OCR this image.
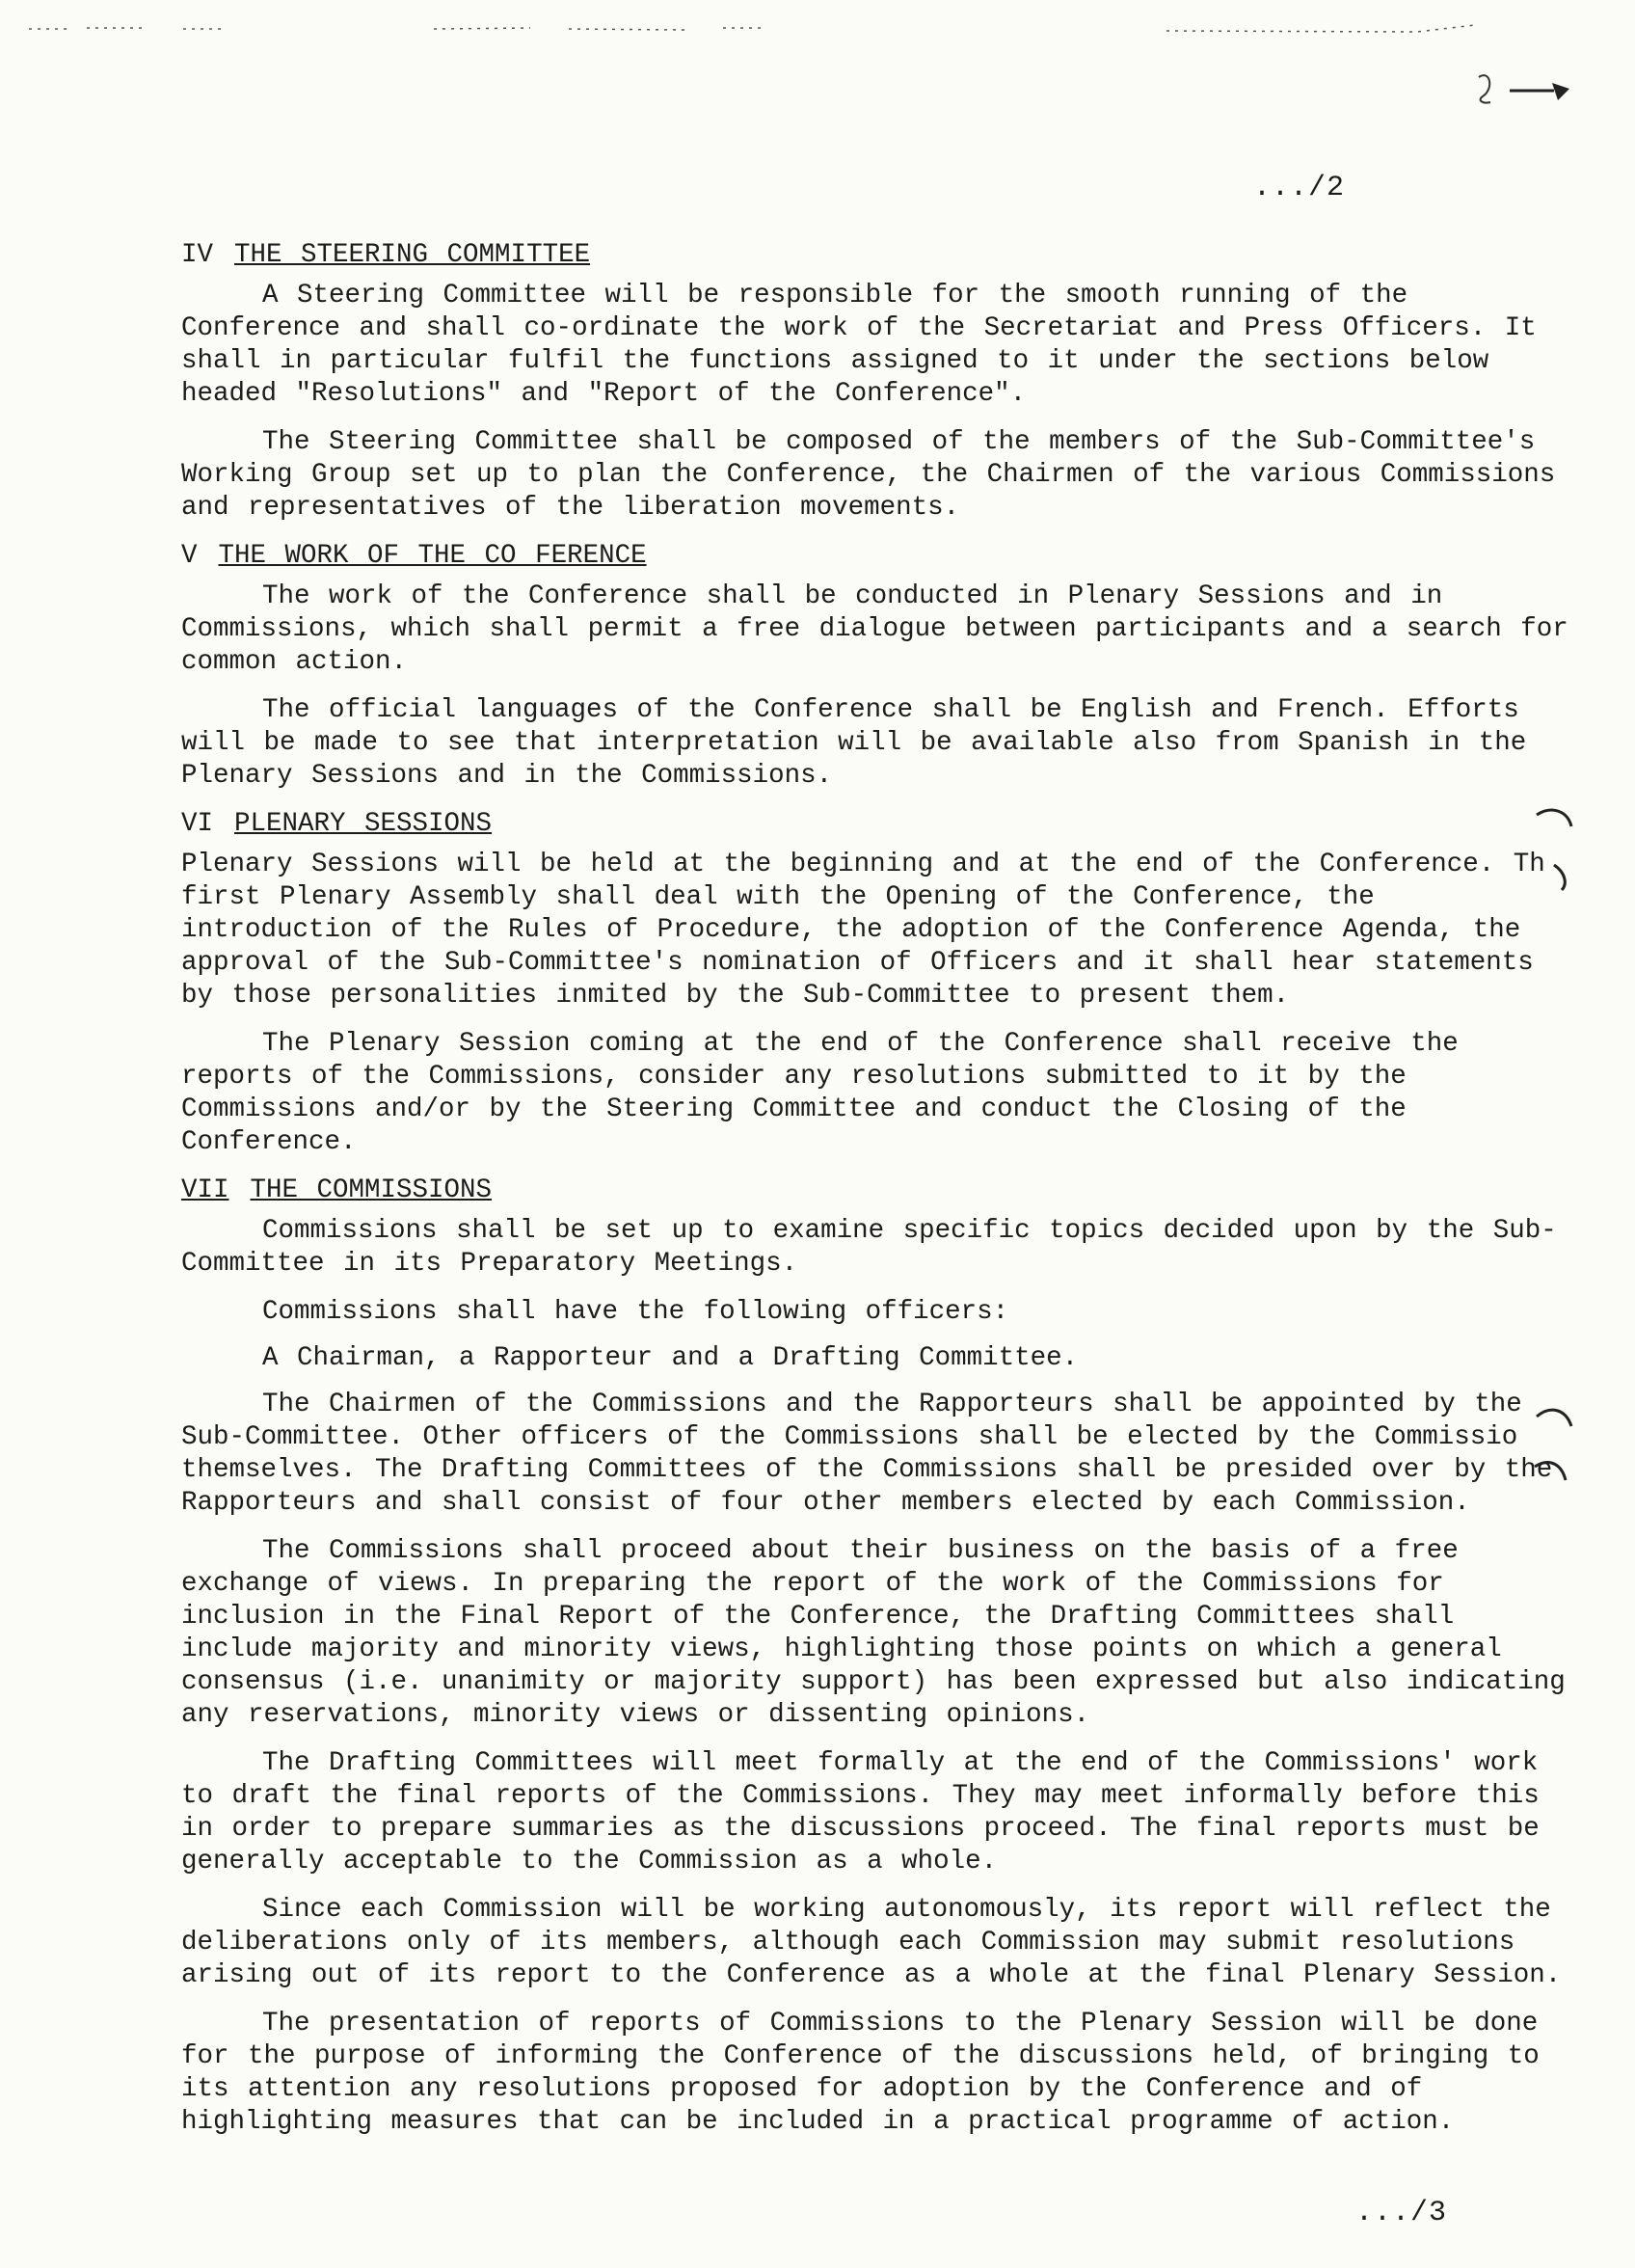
.../2
IV THE STEERING COMMITTEE

A Steering Committee will be responsible for the smooth running of the Conference and shall co-ordinate the work of the Secretariat and Press Officers. It shall in particular fulfil the functions assigned to it under the sections below headed "Resolutions" and "Report of the Conference".

The Steering Committee shall be composed of the members of the Sub-Committee's Working Group set up to plan the Conference, the Chairmen of the various Commissions and representatives of the liberation movements.

V THE WORK OF THE CO FERENCE

The work of the Conference shall be conducted in Plenary Sessions and in Commissions, which shall permit a free dialogue between participants and a search for common action.

The official languages of the Conference shall be English and French. Efforts will be made to see that interpretation will be available also from Spanish in the Plenary Sessions and in the Commissions.

VI PLENARY SESSIONS

Plenary Sessions will be held at the beginning and at the end of the Conference. Th first Plenary Assembly shall deal with the Opening of the Conference, the introduction of the Rules of Procedure, the adoption of the Conference Agenda, the approval of the Sub-Committee's nomination of Officers and it shall hear statements by those personalities inmited by the Sub-Committee to present them.

The Plenary Session coming at the end of the Conference shall receive the reports of the Commissions, consider any resolutions submitted to it by the Commissions and/or by the Steering Committee and conduct the Closing of the Conference.

VII THE COMMISSIONS

Commissions shall be set up to examine specific topics decided upon by the Sub-Committee in its Preparatory Meetings.

Commissions shall have the following officers:

A Chairman, a Rapporteur and a Drafting Committee.

The Chairmen of the Commissions and the Rapporteurs shall be appointed by the Sub-Committee. Other officers of the Commissions shall be elected by the Commissio themselves. The Drafting Committees of the Commissions shall be presided over by the Rapporteurs and shall consist of four other members elected by each Commission.

The Commissions shall proceed about their business on the basis of a free exchange of views. In preparing the report of the work of the Commissions for inclusion in the Final Report of the Conference, the Drafting Committees shall include majority and minority views, highlighting those points on which a general consensus (i.e. unanimity or majority support) has been expressed but also indicating any reservations, minority views or dissenting opinions.

The Drafting Committees will meet formally at the end of the Commissions' work to draft the final reports of the Commissions. They may meet informally before this in order to prepare summaries as the discussions proceed. The final reports must be generally acceptable to the Commission as a whole.

Since each Commission will be working autonomously, its report will reflect the deliberations only of its members, although each Commission may submit resolutions arising out of its report to the Conference as a whole at the final Plenary Session.

The presentation of reports of Commissions to the Plenary Session will be done for the purpose of informing the Conference of the discussions held, of bringing to its attention any resolutions proposed for adoption by the Conference and of highlighting measures that can be included in a practical programme of action.

.../3
